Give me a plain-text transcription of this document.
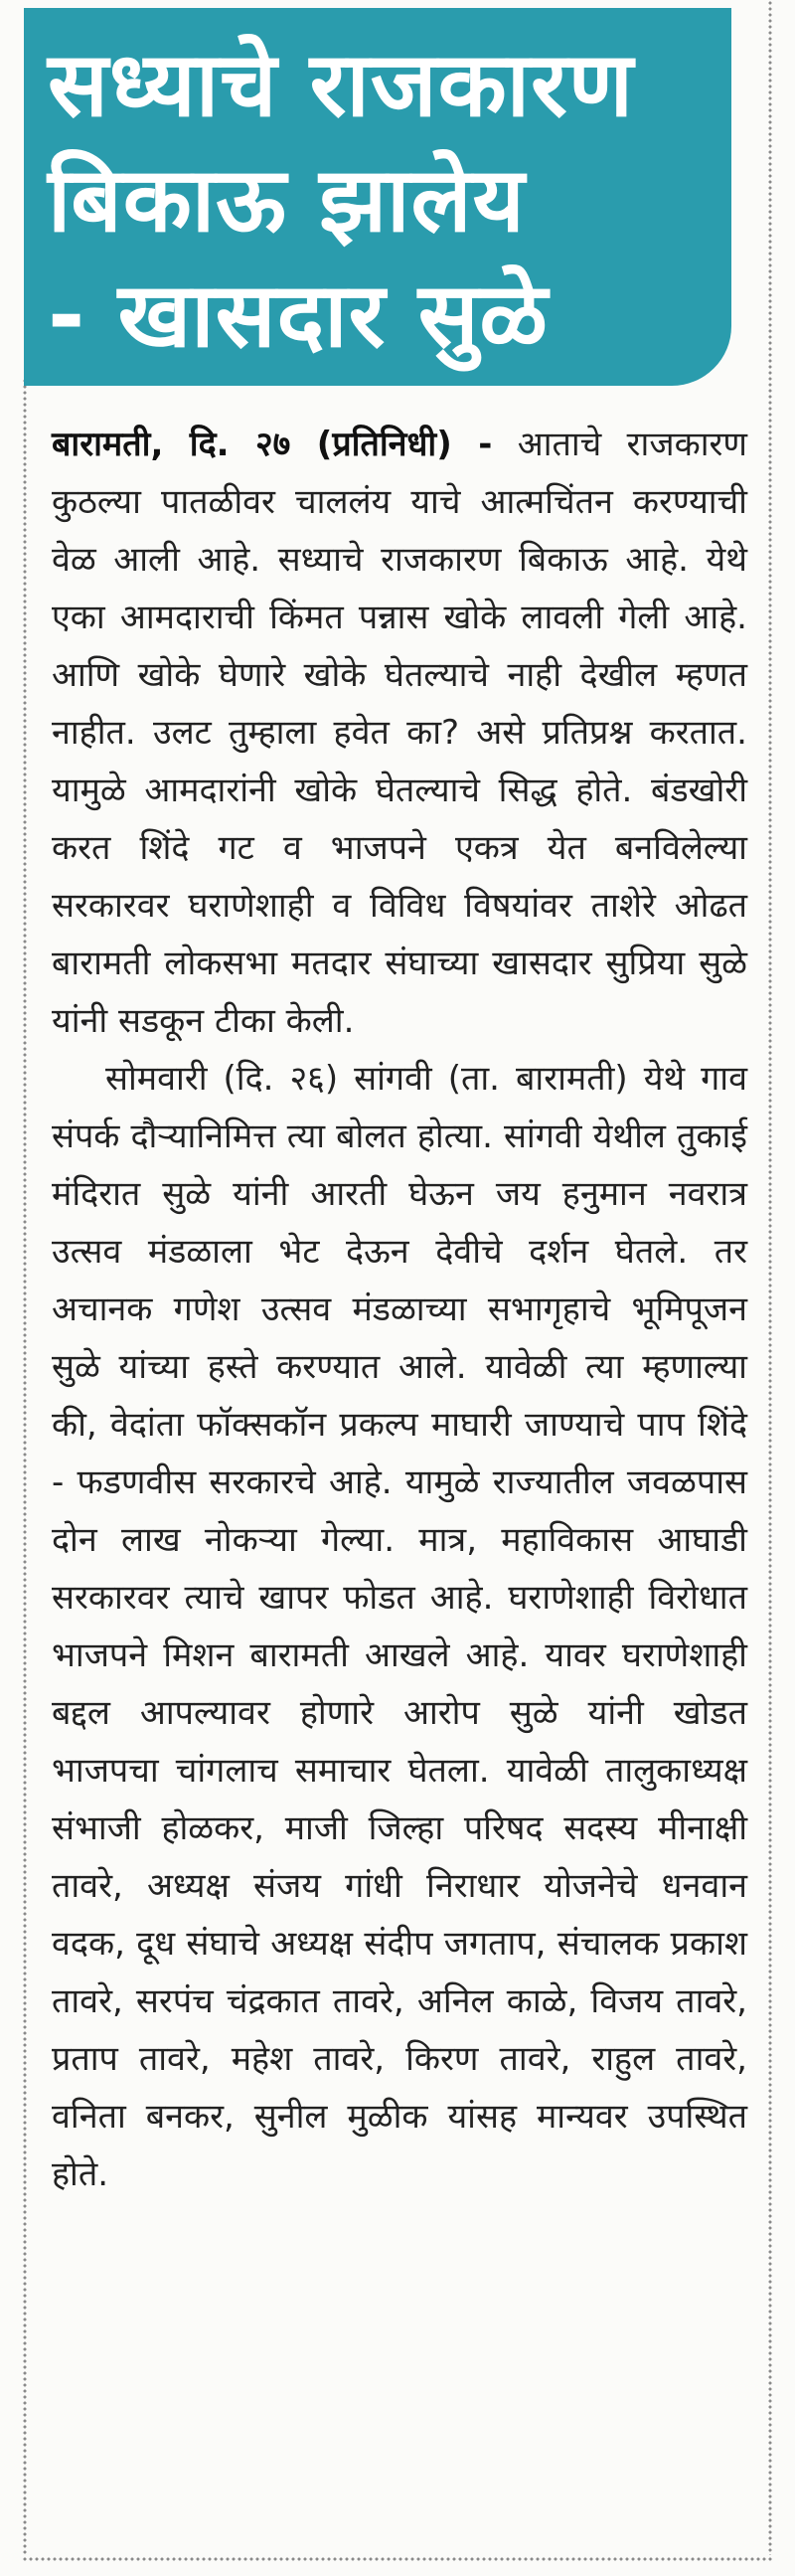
सध्याचे राजकारण
बिकाऊ झालेय
- खासदार सुळे

बारामती, दि. २७ (प्रतिनिधी) - आताचे राजकारण कुठल्या पातळीवर चाललंय याचे आत्मचिंतन करण्याची वेळ आली आहे. सध्याचे राजकारण बिकाऊ आहे. येथे एका आमदाराची किंमत पन्नास खोके लावली गेली आहे. आणि खोके घेणारे खोके घेतल्याचे नाही देखील म्हणत नाहीत. उलट तुम्हाला हवेत का? असे प्रतिप्रश्न करतात. यामुळे आमदारांनी खोके घेतल्याचे सिद्ध होते. बंडखोरी करत शिंदे गट व भाजपने एकत्र येत बनविलेल्या सरकारवर घराणेशाही व विविध विषयांवर ताशेरे ओढत बारामती लोकसभा मतदार संघाच्या खासदार सुप्रिया सुळे यांनी सडकून टीका केली.

सोमवारी (दि. २६) सांगवी (ता. बारामती) येथे गाव संपर्क दौऱ्यानिमित्त त्या बोलत होत्या. सांगवी येथील तुकाई मंदिरात सुळे यांनी आरती घेऊन जय हनुमान नवरात्र उत्सव मंडळाला भेट देऊन देवीचे दर्शन घेतले. तर अचानक गणेश उत्सव मंडळाच्या सभागृहाचे भूमिपूजन सुळे यांच्या हस्ते करण्यात आले. यावेळी त्या म्हणाल्या की, वेदांता फॉक्सकॉन प्रकल्प माघारी जाण्याचे पाप शिंदे - फडणवीस सरकारचे आहे. यामुळे राज्यातील जवळपास दोन लाख नोकऱ्या गेल्या. मात्र, महाविकास आघाडी सरकारवर त्याचे खापर फोडत आहे. घराणेशाही विरोधात भाजपने मिशन बारामती आखले आहे. यावर घराणेशाही बद्दल आपल्यावर होणारे आरोप सुळे यांनी खोडत भाजपचा चांगलाच समाचार घेतला. यावेळी तालुकाध्यक्ष संभाजी होळकर, माजी जिल्हा परिषद सदस्य मीनाक्षी तावरे, अध्यक्ष संजय गांधी निराधार योजनेचे धनवान वदक, दूध संघाचे अध्यक्ष संदीप जगताप, संचालक प्रकाश तावरे, सरपंच चंद्रकात तावरे, अनिल काळे, विजय तावरे, प्रताप तावरे, महेश तावरे, किरण तावरे, राहुल तावरे, वनिता बनकर, सुनील मुळीक यांसह मान्यवर उपस्थित होते.
